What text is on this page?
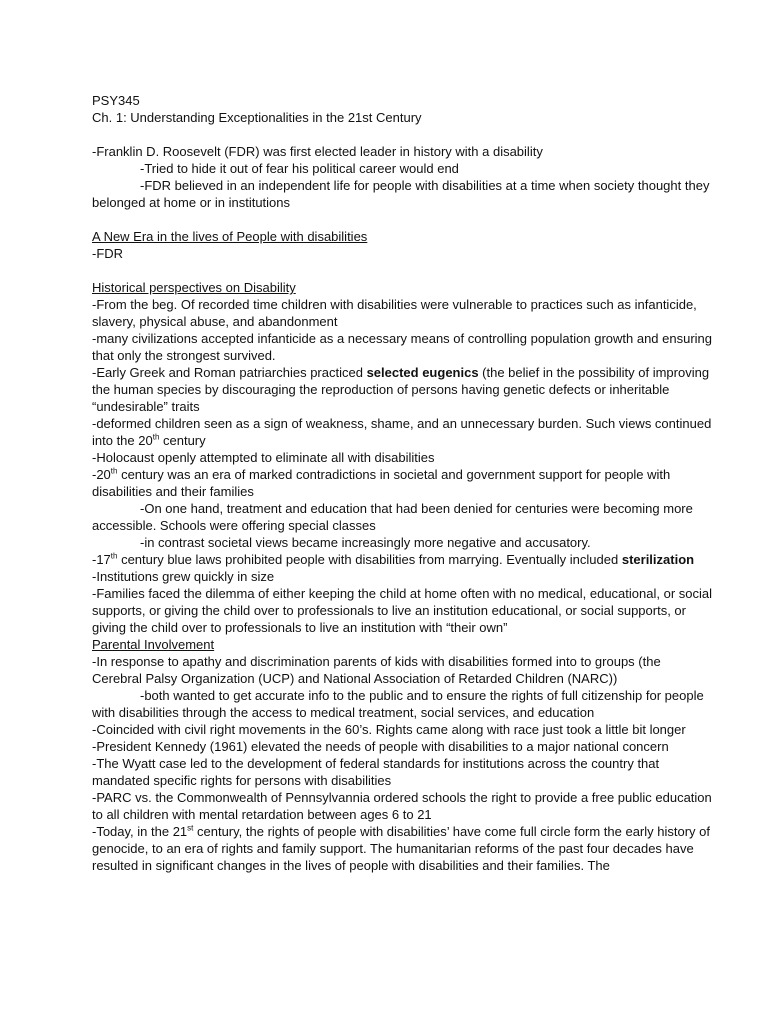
PSY345

Ch. 1: Understanding Exceptionalities in the 21st Century

-Franklin D. Roosevelt (FDR) was first elected leader in history with a disability

-Tried to hide it out of fear his political career would end

-FDR believed in an independent life for people with disabilities at a time when society thought they belonged at home or in institutions

A New Era in the lives of People with disabilities

-FDR

Historical perspectives on Disability

-From the beg. Of recorded time children with disabilities were vulnerable to practices such as infanticide, slavery, physical abuse, and abandonment

-many civilizations accepted infanticide as a necessary means of controlling population growth and ensuring that only the strongest survived.

-Early Greek and Roman patriarchies practiced selected eugenics (the belief in the possibility of improving the human species by discouraging the reproduction of persons having genetic defects or inheritable “undesirable” traits

-deformed children seen as a sign of weakness, shame, and an unnecessary burden. Such views continued into the 20th century

-Holocaust openly attempted to eliminate all with disabilities

-20th century was an era of marked contradictions in societal and government support for people with disabilities and their families

-On one hand, treatment and education that had been denied for centuries were becoming more accessible. Schools were offering special classes

-in contrast societal views became increasingly more negative and accusatory.

-17th century blue laws prohibited people with disabilities from marrying. Eventually included sterilization

-Institutions grew quickly in size

-Families faced the dilemma of either keeping the child at home often with no medical, educational, or social supports, or giving the child over to professionals to live an institution educational, or social supports, or giving the child over to professionals to live an institution with “their own”

Parental Involvement

-In response to apathy and discrimination parents of kids with disabilities formed into to groups (the Cerebral Palsy Organization (UCP) and National Association of Retarded Children (NARC))

-both wanted to get accurate info to the public and to ensure the rights of full citizenship for people with disabilities through the access to medical treatment, social services, and education

-Coincided with civil right movements in the 60’s. Rights came along with race just took a little bit longer

-President Kennedy (1961) elevated the needs of people with disabilities to a major national concern

-The Wyatt case led to the development of federal standards for institutions across the country that mandated specific rights for persons with disabilities

-PARC vs. the Commonwealth of Pennsylvannia ordered schools the right to provide a free public education to all children with mental retardation between ages 6 to 21

-Today, in the 21st century, the rights of people with disabilities’ have come full circle form the early history of genocide, to an era of rights and family support. The humanitarian reforms of the past four decades have resulted in significant changes in the lives of people with disabilities and their families. The
